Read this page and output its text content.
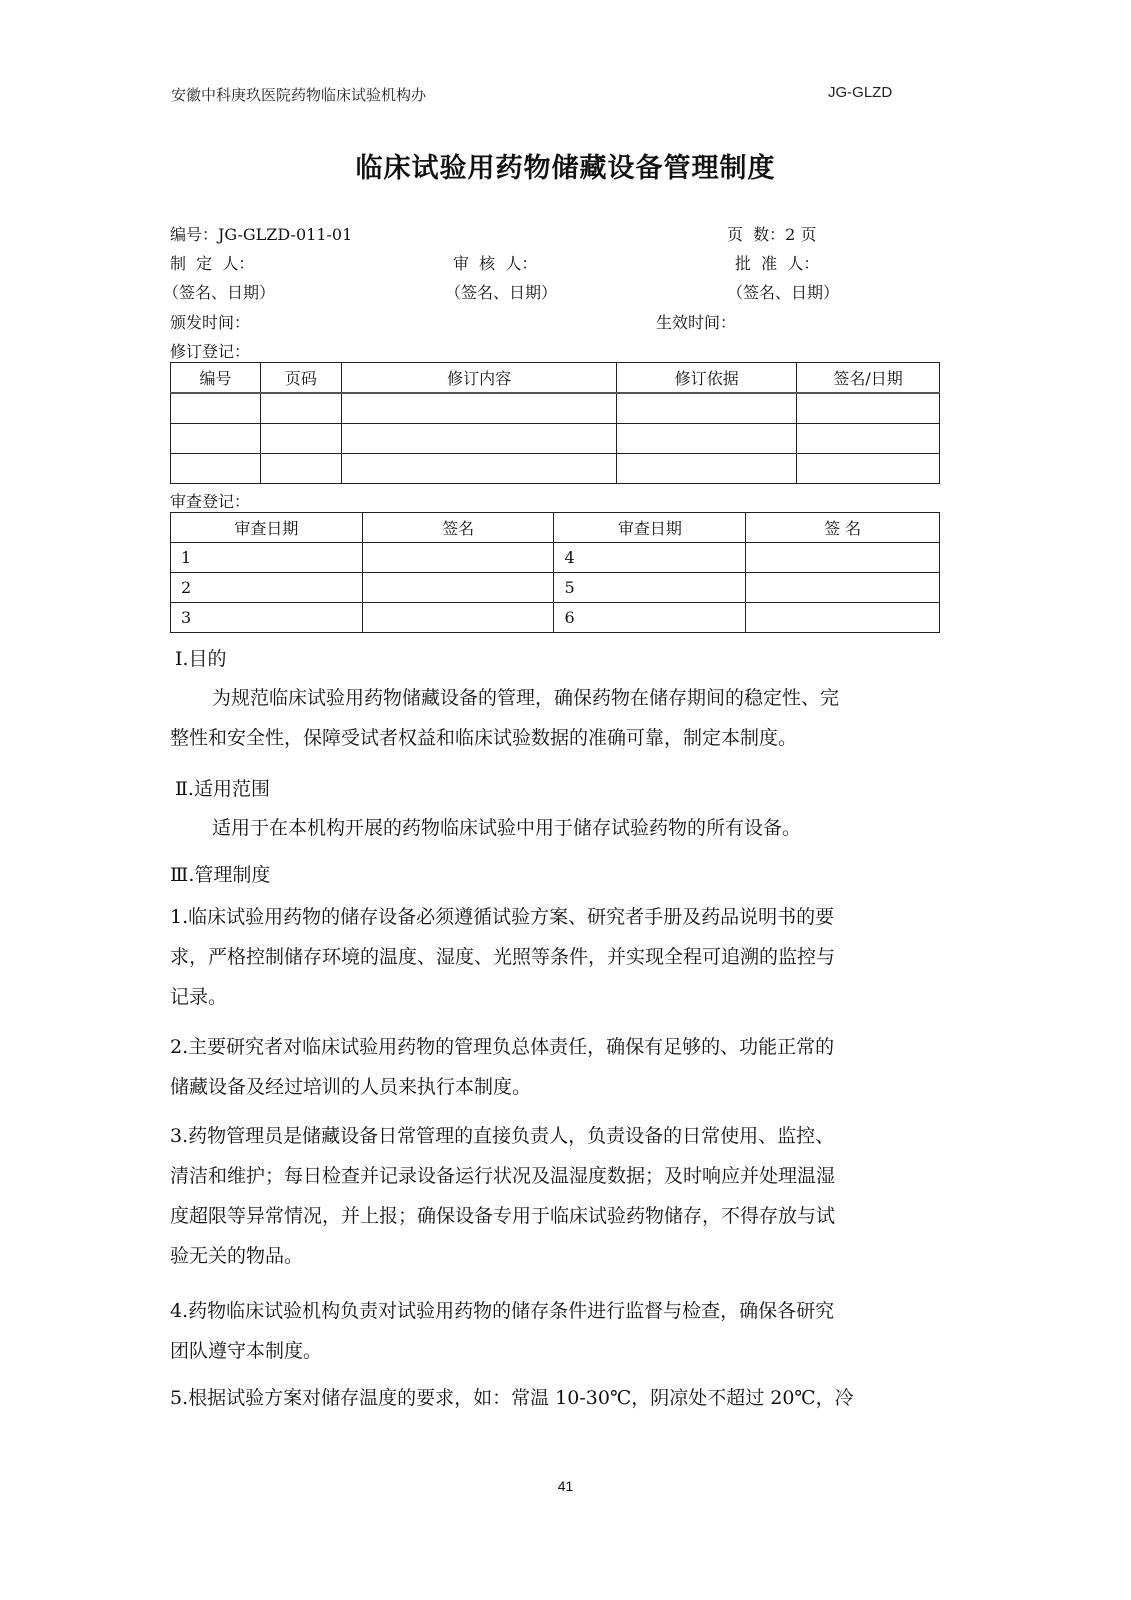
安徽中科庚玖医院药物临床试验机构办	JG-GLZD
临床试验用药物储藏设备管理制度
编号：JG-GLZD-011-01	页  数：2 页
制  定  人：	审  核  人：	批  准  人：
（签名、日期）	（签名、日期）	（签名、日期）
颁发时间：	生效时间：
修订登记：
编号	页码	修订内容	修订依据	签名/日期

审查登记：
审查日期	签名	审查日期	签 名
1		4	
2		5	
3		6	
Ⅰ.目的
为规范临床试验用药物储藏设备的管理，确保药物在储存期间的稳定性、完
整性和安全性，保障受试者权益和临床试验数据的准确可靠，制定本制度。
Ⅱ.适用范围
适用于在本机构开展的药物临床试验中用于储存试验药物的所有设备。
Ⅲ.管理制度
1.临床试验用药物的储存设备必须遵循试验方案、研究者手册及药品说明书的要
求，严格控制储存环境的温度、湿度、光照等条件，并实现全程可追溯的监控与
记录。
2.主要研究者对临床试验用药物的管理负总体责任，确保有足够的、功能正常的
储藏设备及经过培训的人员来执行本制度。
3.药物管理员是储藏设备日常管理的直接负责人，负责设备的日常使用、监控、
清洁和维护；每日检查并记录设备运行状况及温湿度数据；及时响应并处理温湿
度超限等异常情况，并上报；确保设备专用于临床试验药物储存，不得存放与试
验无关的物品。
4.药物临床试验机构负责对试验用药物的储存条件进行监督与检查，确保各研究
团队遵守本制度。
5.根据试验方案对储存温度的要求，如：常温 10-30℃，阴凉处不超过 20℃，冷
41
